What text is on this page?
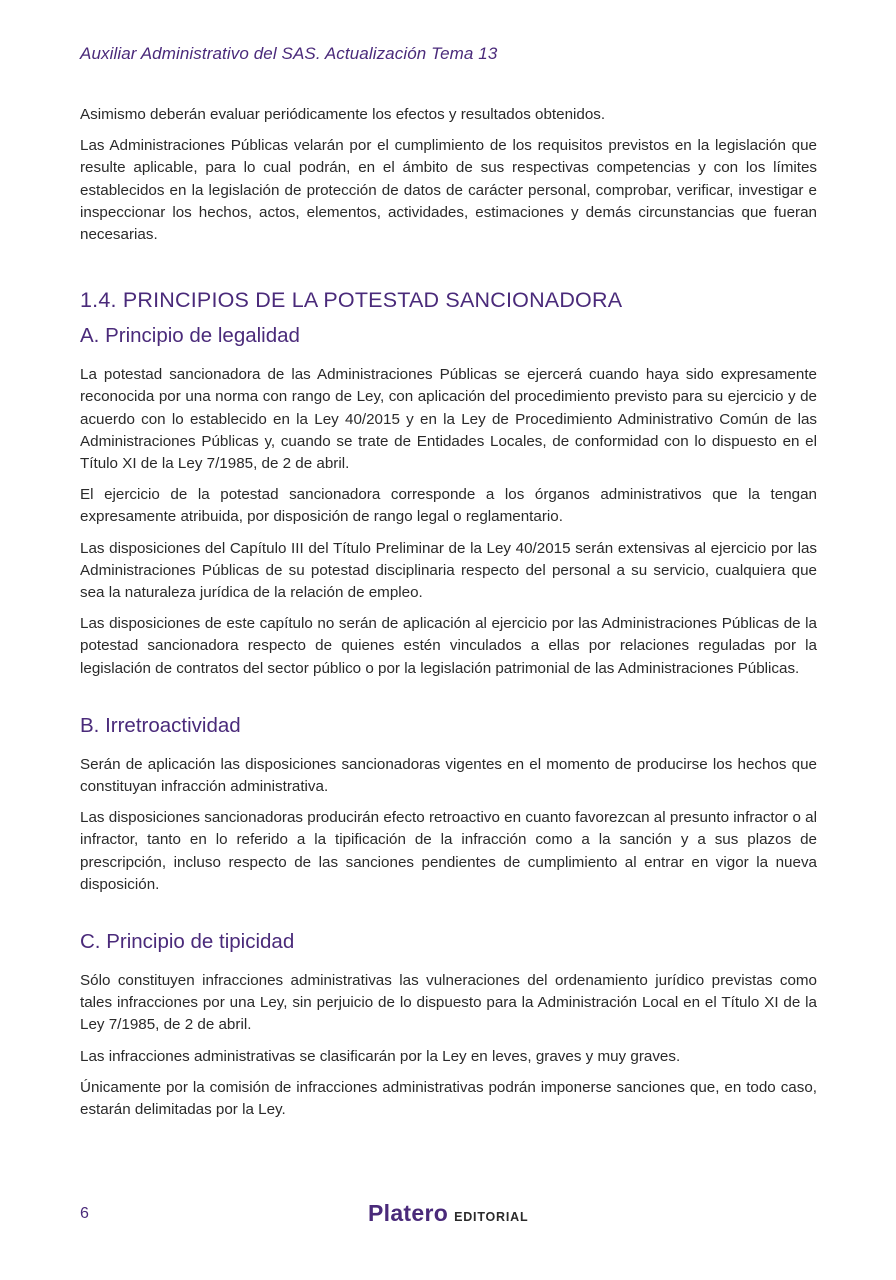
Auxiliar Administrativo del SAS. Actualización Tema 13

Asimismo deberán evaluar periódicamente los efectos y resultados obtenidos.

Las Administraciones Públicas velarán por el cumplimiento de los requisitos previstos en la legislación que resulte aplicable, para lo cual podrán, en el ámbito de sus respectivas competencias y con los límites establecidos en la legislación de protección de datos de carácter personal, comprobar, verificar, investigar e inspeccionar los hechos, actos, elementos, actividades, estimaciones y demás circunstancias que fueran necesarias.

1.4. PRINCIPIOS DE LA POTESTAD SANCIONADORA
A. Principio de legalidad

La potestad sancionadora de las Administraciones Públicas se ejercerá cuando haya sido expresamente reconocida por una norma con rango de Ley, con aplicación del procedimiento previsto para su ejercicio y de acuerdo con lo establecido en la Ley 40/2015 y en la Ley de Procedimiento Administrativo Común de las Administraciones Públicas y, cuando se trate de Entidades Locales, de conformidad con lo dispuesto en el Título XI de la Ley 7/1985, de 2 de abril.

El ejercicio de la potestad sancionadora corresponde a los órganos administrativos que la tengan expresamente atribuida, por disposición de rango legal o reglamentario.

Las disposiciones del Capítulo III del Título Preliminar de la Ley 40/2015 serán extensivas al ejercicio por las Administraciones Públicas de su potestad disciplinaria respecto del personal a su servicio, cualquiera que sea la naturaleza jurídica de la relación de empleo.

Las disposiciones de este capítulo no serán de aplicación al ejercicio por las Administraciones Públicas de la potestad sancionadora respecto de quienes estén vinculados a ellas por relaciones reguladas por la legislación de contratos del sector público o por la legislación patrimonial de las Administraciones Públicas.

B. Irretroactividad

Serán de aplicación las disposiciones sancionadoras vigentes en el momento de producirse los hechos que constituyan infracción administrativa.

Las disposiciones sancionadoras producirán efecto retroactivo en cuanto favorezcan al presunto infractor o al infractor, tanto en lo referido a la tipificación de la infracción como a la sanción y a sus plazos de prescripción, incluso respecto de las sanciones pendientes de cumplimiento al entrar en vigor la nueva disposición.

C. Principio de tipicidad

Sólo constituyen infracciones administrativas las vulneraciones del ordenamiento jurídico previstas como tales infracciones por una Ley, sin perjuicio de lo dispuesto para la Administración Local en el Título XI de la Ley 7/1985, de 2 de abril.

Las infracciones administrativas se clasificarán por la Ley en leves, graves y muy graves.

Únicamente por la comisión de infracciones administrativas podrán imponerse sanciones que, en todo caso, estarán delimitadas por la Ley.

6	Platero EDITORIAL
